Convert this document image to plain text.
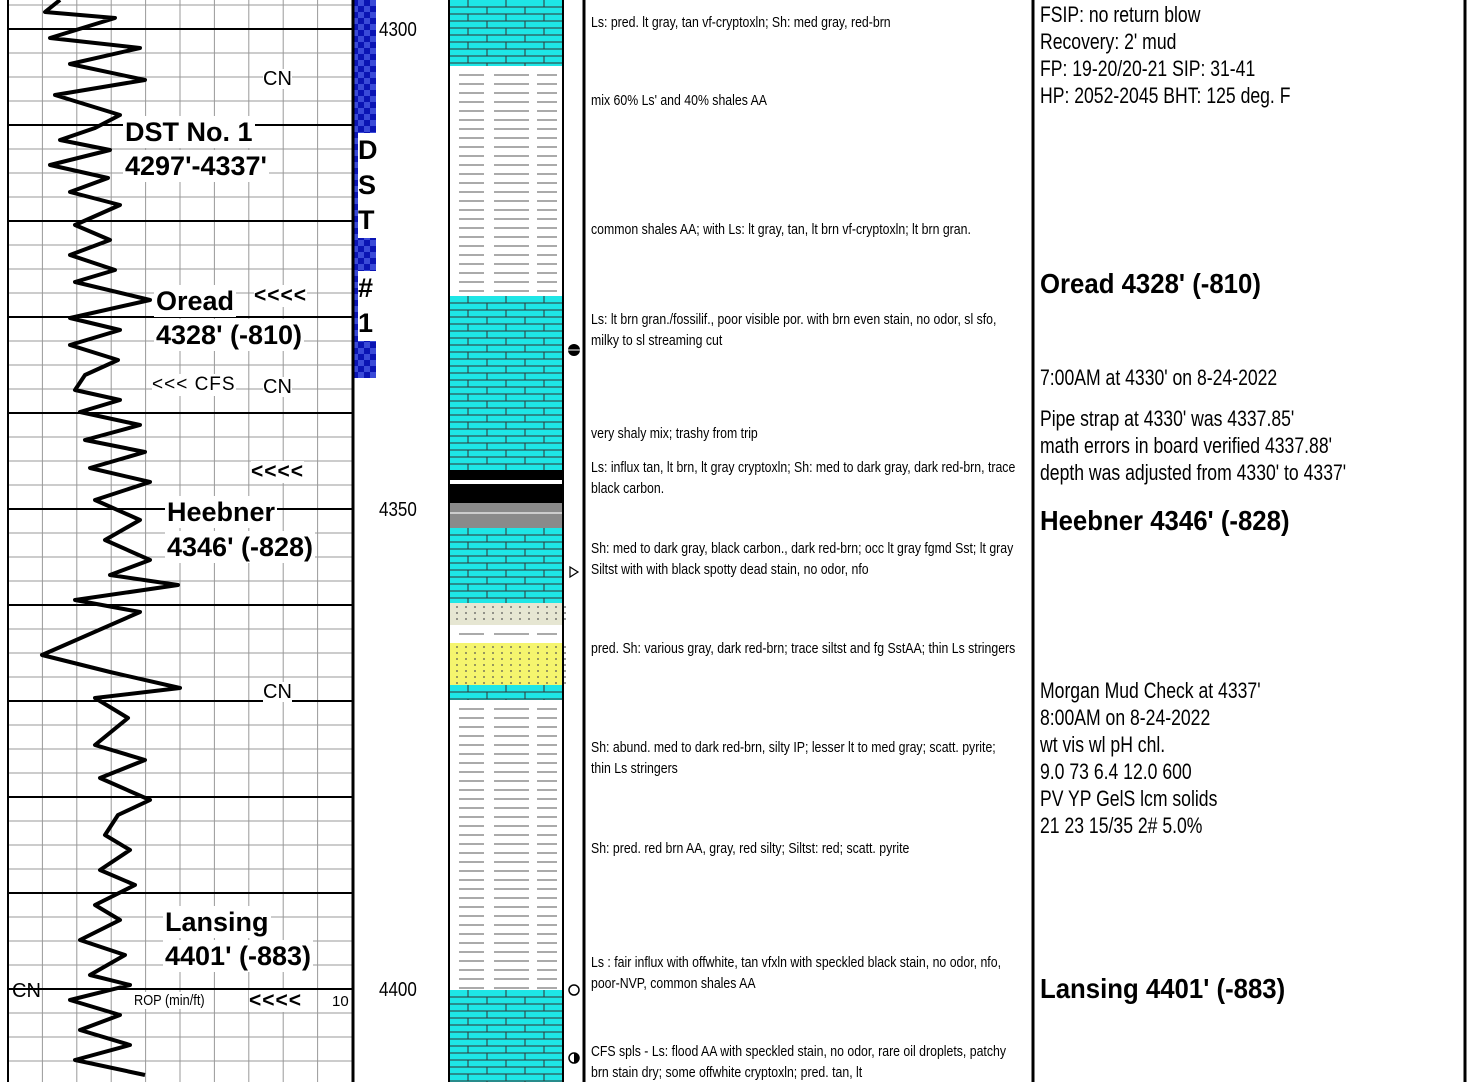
CN
DST No. 1
4297'-4337'
Oread <<<<
4328' (-810)
<<< CFS CN
<<<<
Heebner
4346' (-828)
CN
Lansing
4401' (-883)
CN	ROP (min/ft) <<<< 10
D
S
T
#
1
4300
4350
4400
Ls: pred. lt gray, tan vf-cryptoxln; Sh: med gray, red-brn
mix 60% Ls' and 40% shales AA
common shales AA; with Ls: lt gray, tan, lt brn vf-cryptoxln; lt brn gran.
Ls: lt brn gran./fossilif., poor visible por. with brn even stain, no odor, sl sfo, milky to sl streaming cut
very shaly mix; trashy from trip
Ls: influx tan, lt brn, lt gray cryptoxln; Sh: med to dark gray, dark red-brn, trace black carbon.
Sh: med to dark gray, black carbon., dark red-brn; occ lt gray fgmd Sst; lt gray Siltst with with black spotty dead stain, no odor, nfo
pred. Sh: various gray, dark red-brn; trace siltst and fg SstAA; thin Ls stringers
Sh: abund. med to dark red-brn, silty IP; lesser lt to med gray; scatt. pyrite; thin Ls stringers
Sh: pred. red brn AA, gray, red silty; Siltst: red; scatt. pyrite
Ls : fair influx with offwhite, tan vfxln with speckled black stain, no odor, nfo, poor-NVP, common shales AA
CFS spls - Ls: flood AA with speckled stain, no odor, rare oil droplets, patchy brn stain dry; some offwhite cryptoxln; pred. tan, lt
FSIP: no return blow
Recovery: 2' mud
FP: 19-20/20-21 SIP: 31-41
HP: 2052-2045 BHT: 125 deg. F
Oread 4328' (-810)
7:00AM at 4330' on 8-24-2022
Pipe strap at 4330' was 4337.85'
math errors in board verified 4337.88'
depth was adjusted from 4330' to 4337'
Heebner 4346' (-828)
Morgan Mud Check at 4337'
8:00AM on 8-24-2022
wt vis wl pH chl.
9.0 73 6.4 12.0 600
PV YP GelS lcm solids
21 23 15/35 2# 5.0%
Lansing 4401' (-883)
